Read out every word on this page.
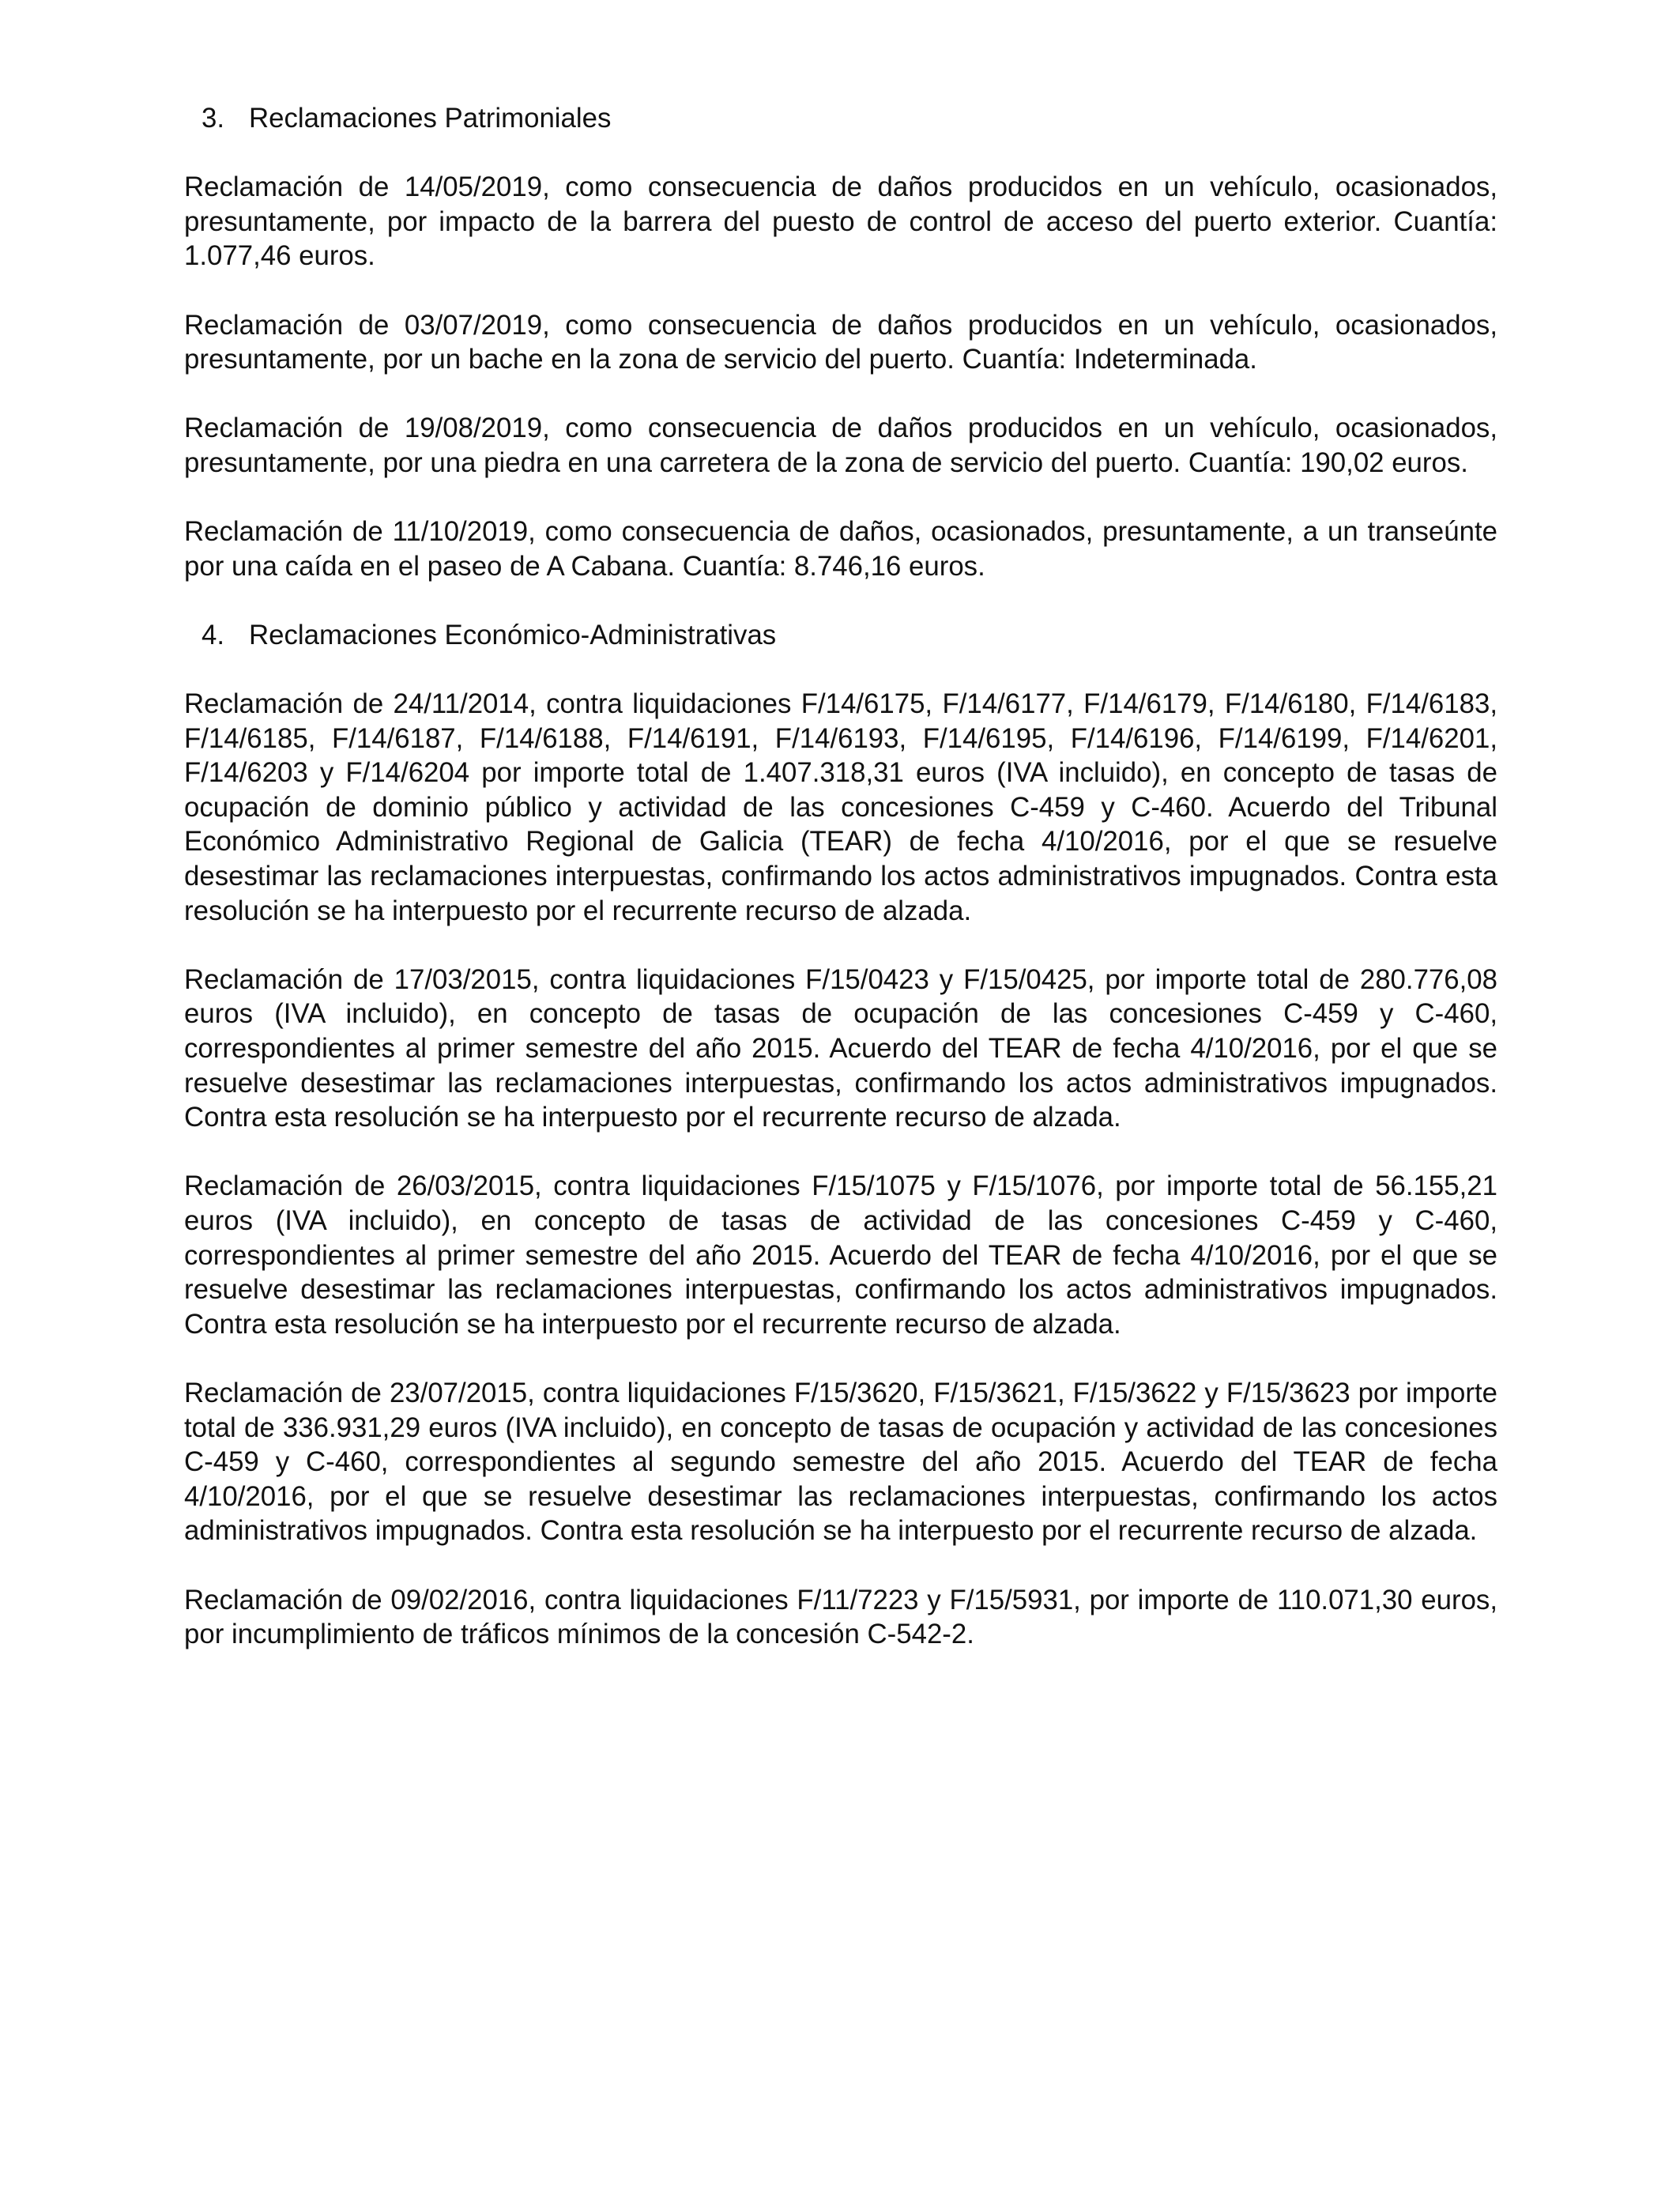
3. Reclamaciones Patrimoniales

Reclamación de 14/05/2019, como consecuencia de daños producidos en un vehículo, ocasionados, presuntamente, por impacto de la barrera del puesto de control de acceso del puerto exterior. Cuantía: 1.077,46 euros.

Reclamación de 03/07/2019, como consecuencia de daños producidos en un vehículo, ocasionados, presuntamente, por un bache en la zona de servicio del puerto. Cuantía: Indeterminada.

Reclamación de 19/08/2019, como consecuencia de daños producidos en un vehículo, ocasionados, presuntamente, por una piedra en una carretera de la zona de servicio del puerto. Cuantía: 190,02 euros.

Reclamación de 11/10/2019, como consecuencia de daños, ocasionados, presuntamente, a un transeúnte por una caída en el paseo de A Cabana. Cuantía: 8.746,16 euros.

4. Reclamaciones Económico-Administrativas

Reclamación de 24/11/2014, contra liquidaciones F/14/6175, F/14/6177, F/14/6179, F/14/6180, F/14/6183, F/14/6185, F/14/6187, F/14/6188, F/14/6191, F/14/6193, F/14/6195, F/14/6196, F/14/6199, F/14/6201, F/14/6203 y F/14/6204 por importe total de 1.407.318,31 euros (IVA incluido), en concepto de tasas de ocupación de dominio público y actividad de las concesiones C-459 y C-460. Acuerdo del Tribunal Económico Administrativo Regional de Galicia (TEAR) de fecha 4/10/2016, por el que se resuelve desestimar las reclamaciones interpuestas, confirmando los actos administrativos impugnados. Contra esta resolución se ha interpuesto por el recurrente recurso de alzada.

Reclamación de 17/03/2015, contra liquidaciones F/15/0423 y F/15/0425, por importe total de 280.776,08 euros (IVA incluido), en concepto de tasas de ocupación de las concesiones C-459 y C-460, correspondientes al primer semestre del año 2015. Acuerdo del TEAR de fecha 4/10/2016, por el que se resuelve desestimar las reclamaciones interpuestas, confirmando los actos administrativos impugnados. Contra esta resolución se ha interpuesto por el recurrente recurso de alzada.

Reclamación de 26/03/2015, contra liquidaciones F/15/1075 y F/15/1076, por importe total de 56.155,21 euros (IVA incluido), en concepto de tasas de actividad de las concesiones C-459 y C-460, correspondientes al primer semestre del año 2015. Acuerdo del TEAR de fecha 4/10/2016, por el que se resuelve desestimar las reclamaciones interpuestas, confirmando los actos administrativos impugnados. Contra esta resolución se ha interpuesto por el recurrente recurso de alzada.

Reclamación de 23/07/2015, contra liquidaciones F/15/3620, F/15/3621, F/15/3622 y F/15/3623 por importe total de 336.931,29 euros (IVA incluido), en concepto de tasas de ocupación y actividad de las concesiones C-459 y C-460, correspondientes al segundo semestre del año 2015. Acuerdo del TEAR de fecha 4/10/2016, por el que se resuelve desestimar las reclamaciones interpuestas, confirmando los actos administrativos impugnados. Contra esta resolución se ha interpuesto por el recurrente recurso de alzada.

Reclamación de 09/02/2016, contra liquidaciones F/11/7223 y F/15/5931, por importe de 110.071,30 euros, por incumplimiento de tráficos mínimos de la concesión C-542-2.
